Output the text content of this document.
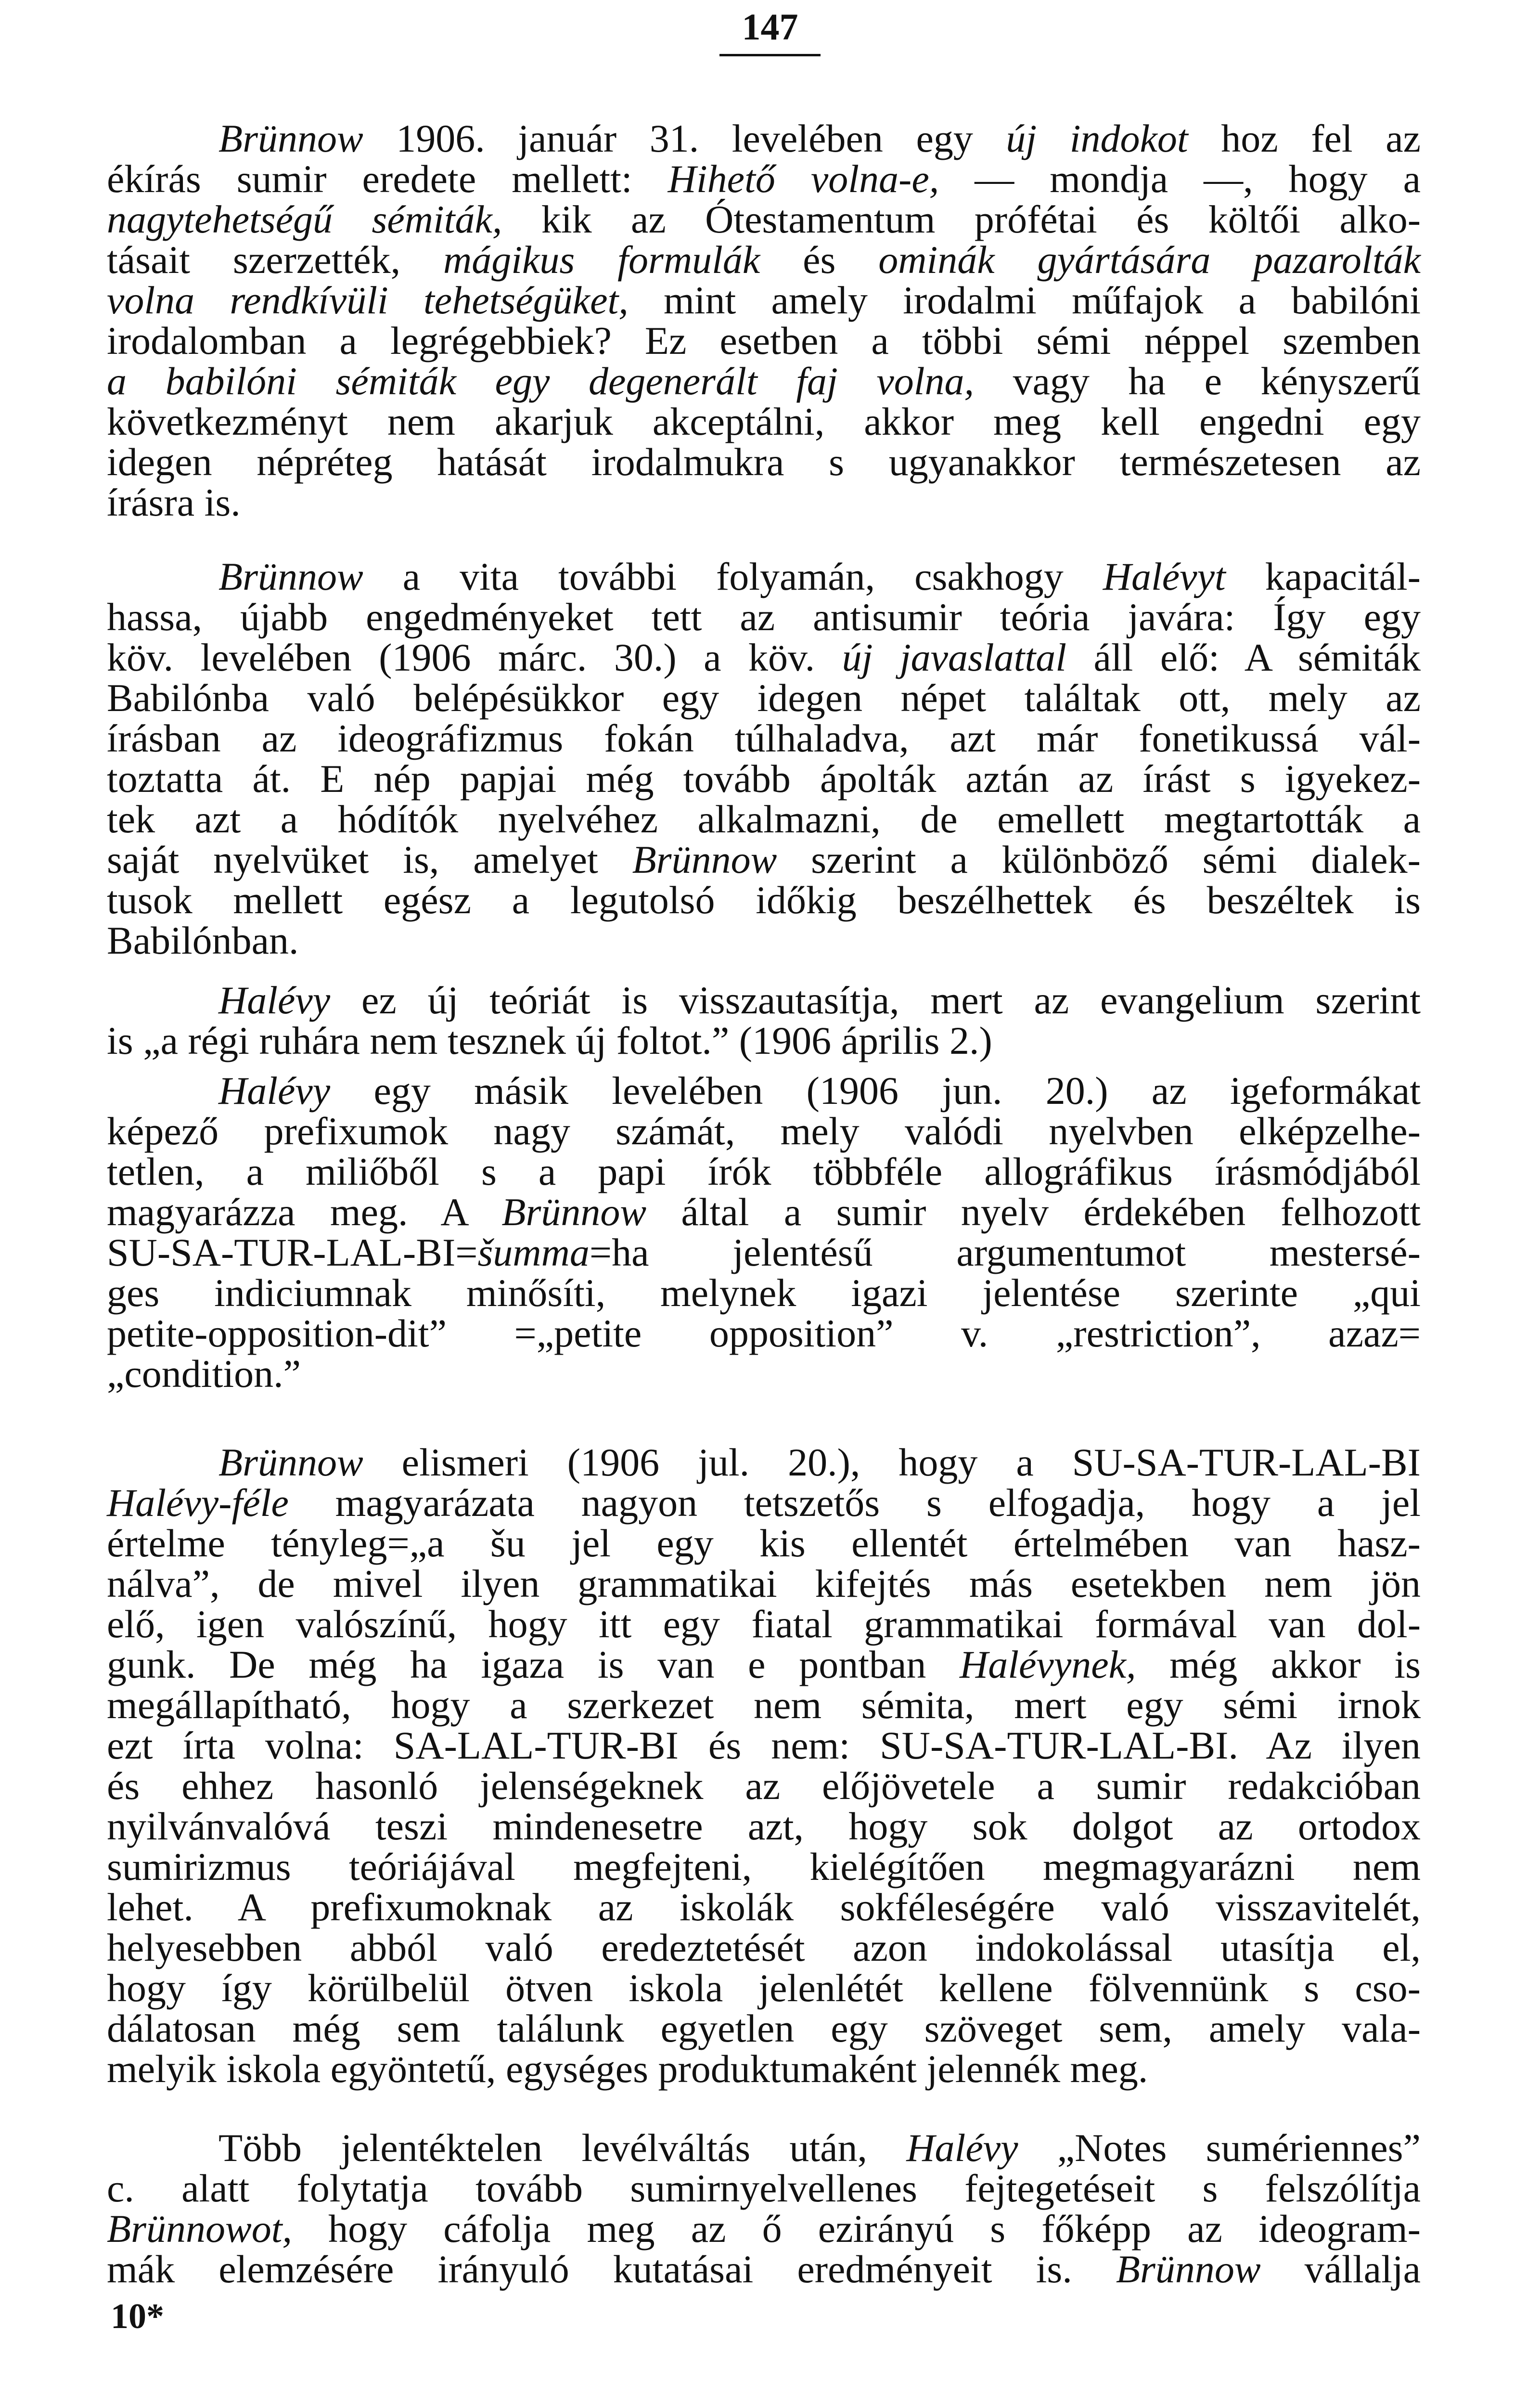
147
Brünnow 1906. január 31. levelében egy új indokot hoz fel az
ékírás sumir eredete mellett: Hihető volna-e, — mondja —, hogy a
nagytehetségű sémiták, kik az Ótestamentum prófétai és költői alko-
tásait szerzették, mágikus formulák és ominák gyártására pazarolták
volna rendkívüli tehetségüket, mint amely irodalmi műfajok a babilóni
irodalomban a legrégebbiek? Ez esetben a többi sémi néppel szemben
a babilóni sémiták egy degenerált faj volna, vagy ha e kényszerű
következményt nem akarjuk akceptálni, akkor meg kell engedni egy
idegen népréteg hatását irodalmukra s ugyanakkor természetesen az
írásra is.
Brünnow a vita további folyamán, csakhogy Halévyt kapacitál-
hassa, újabb engedményeket tett az antisumir teória javára: Így egy
köv. levelében (1906 márc. 30.) a köv. új javaslattal áll elő: A sémiták
Babilónba való belépésükkor egy idegen népet találtak ott, mely az
írásban az ideográfizmus fokán túlhaladva, azt már fonetikussá vál-
toztatta át. E nép papjai még tovább ápolták aztán az írást s igyekez-
tek azt a hódítók nyelvéhez alkalmazni, de emellett megtartották a
saját nyelvüket is, amelyet Brünnow szerint a különböző sémi dialek-
tusok mellett egész a legutolsó időkig beszélhettek és beszéltek is
Babilónban.
Halévy ez új teóriát is visszautasítja, mert az evangelium szerint
is „a régi ruhára nem tesznek új foltot.” (1906 április 2.)
Halévy egy másik levelében (1906 jun. 20.) az igeformákat
képező prefixumok nagy számát, mely valódi nyelvben elképzelhe-
tetlen, a miliőből s a papi írók többféle allográfikus írásmódjából
magyarázza meg. A Brünnow által a sumir nyelv érdekében felhozott
SU-SA-TUR-LAL-BI=šumma=ha jelentésű argumentumot mestersé-
ges indiciumnak minősíti, melynek igazi jelentése szerinte „qui
petite-opposition-dit” =„petite opposition” v. „restriction”, azaz=
„condition.”
Brünnow elismeri (1906 jul. 20.), hogy a SU-SA-TUR-LAL-BI
Halévy-féle magyarázata nagyon tetszetős s elfogadja, hogy a jel
értelme tényleg=„a šu jel egy kis ellentét értelmében van hasz-
nálva”, de mivel ilyen grammatikai kifejtés más esetekben nem jön
elő, igen valószínű, hogy itt egy fiatal grammatikai formával van dol-
gunk. De még ha igaza is van e pontban Halévynek, még akkor is
megállapítható, hogy a szerkezet nem sémita, mert egy sémi irnok
ezt írta volna: SA-LAL-TUR-BI és nem: SU-SA-TUR-LAL-BI. Az ilyen
és ehhez hasonló jelenségeknek az előjövetele a sumir redakcióban
nyilvánvalóvá teszi mindenesetre azt, hogy sok dolgot az ortodox
sumirizmus teóriájával megfejteni, kielégítően megmagyarázni nem
lehet. A prefixumoknak az iskolák sokféleségére való visszavitelét,
helyesebben abból való eredeztetését azon indokolással utasítja el,
hogy így körülbelül ötven iskola jelenlétét kellene fölvennünk s cso-
dálatosan még sem találunk egyetlen egy szöveget sem, amely vala-
melyik iskola egyöntetű, egységes produktumaként jelennék meg.
Több jelentéktelen levélváltás után, Halévy „Notes sumériennes”
c. alatt folytatja tovább sumirnyelvellenes fejtegetéseit s felszólítja
Brünnowot, hogy cáfolja meg az ő ezirányú s főképp az ideogram-
mák elemzésére irányuló kutatásai eredményeit is. Brünnow vállalja
10*
